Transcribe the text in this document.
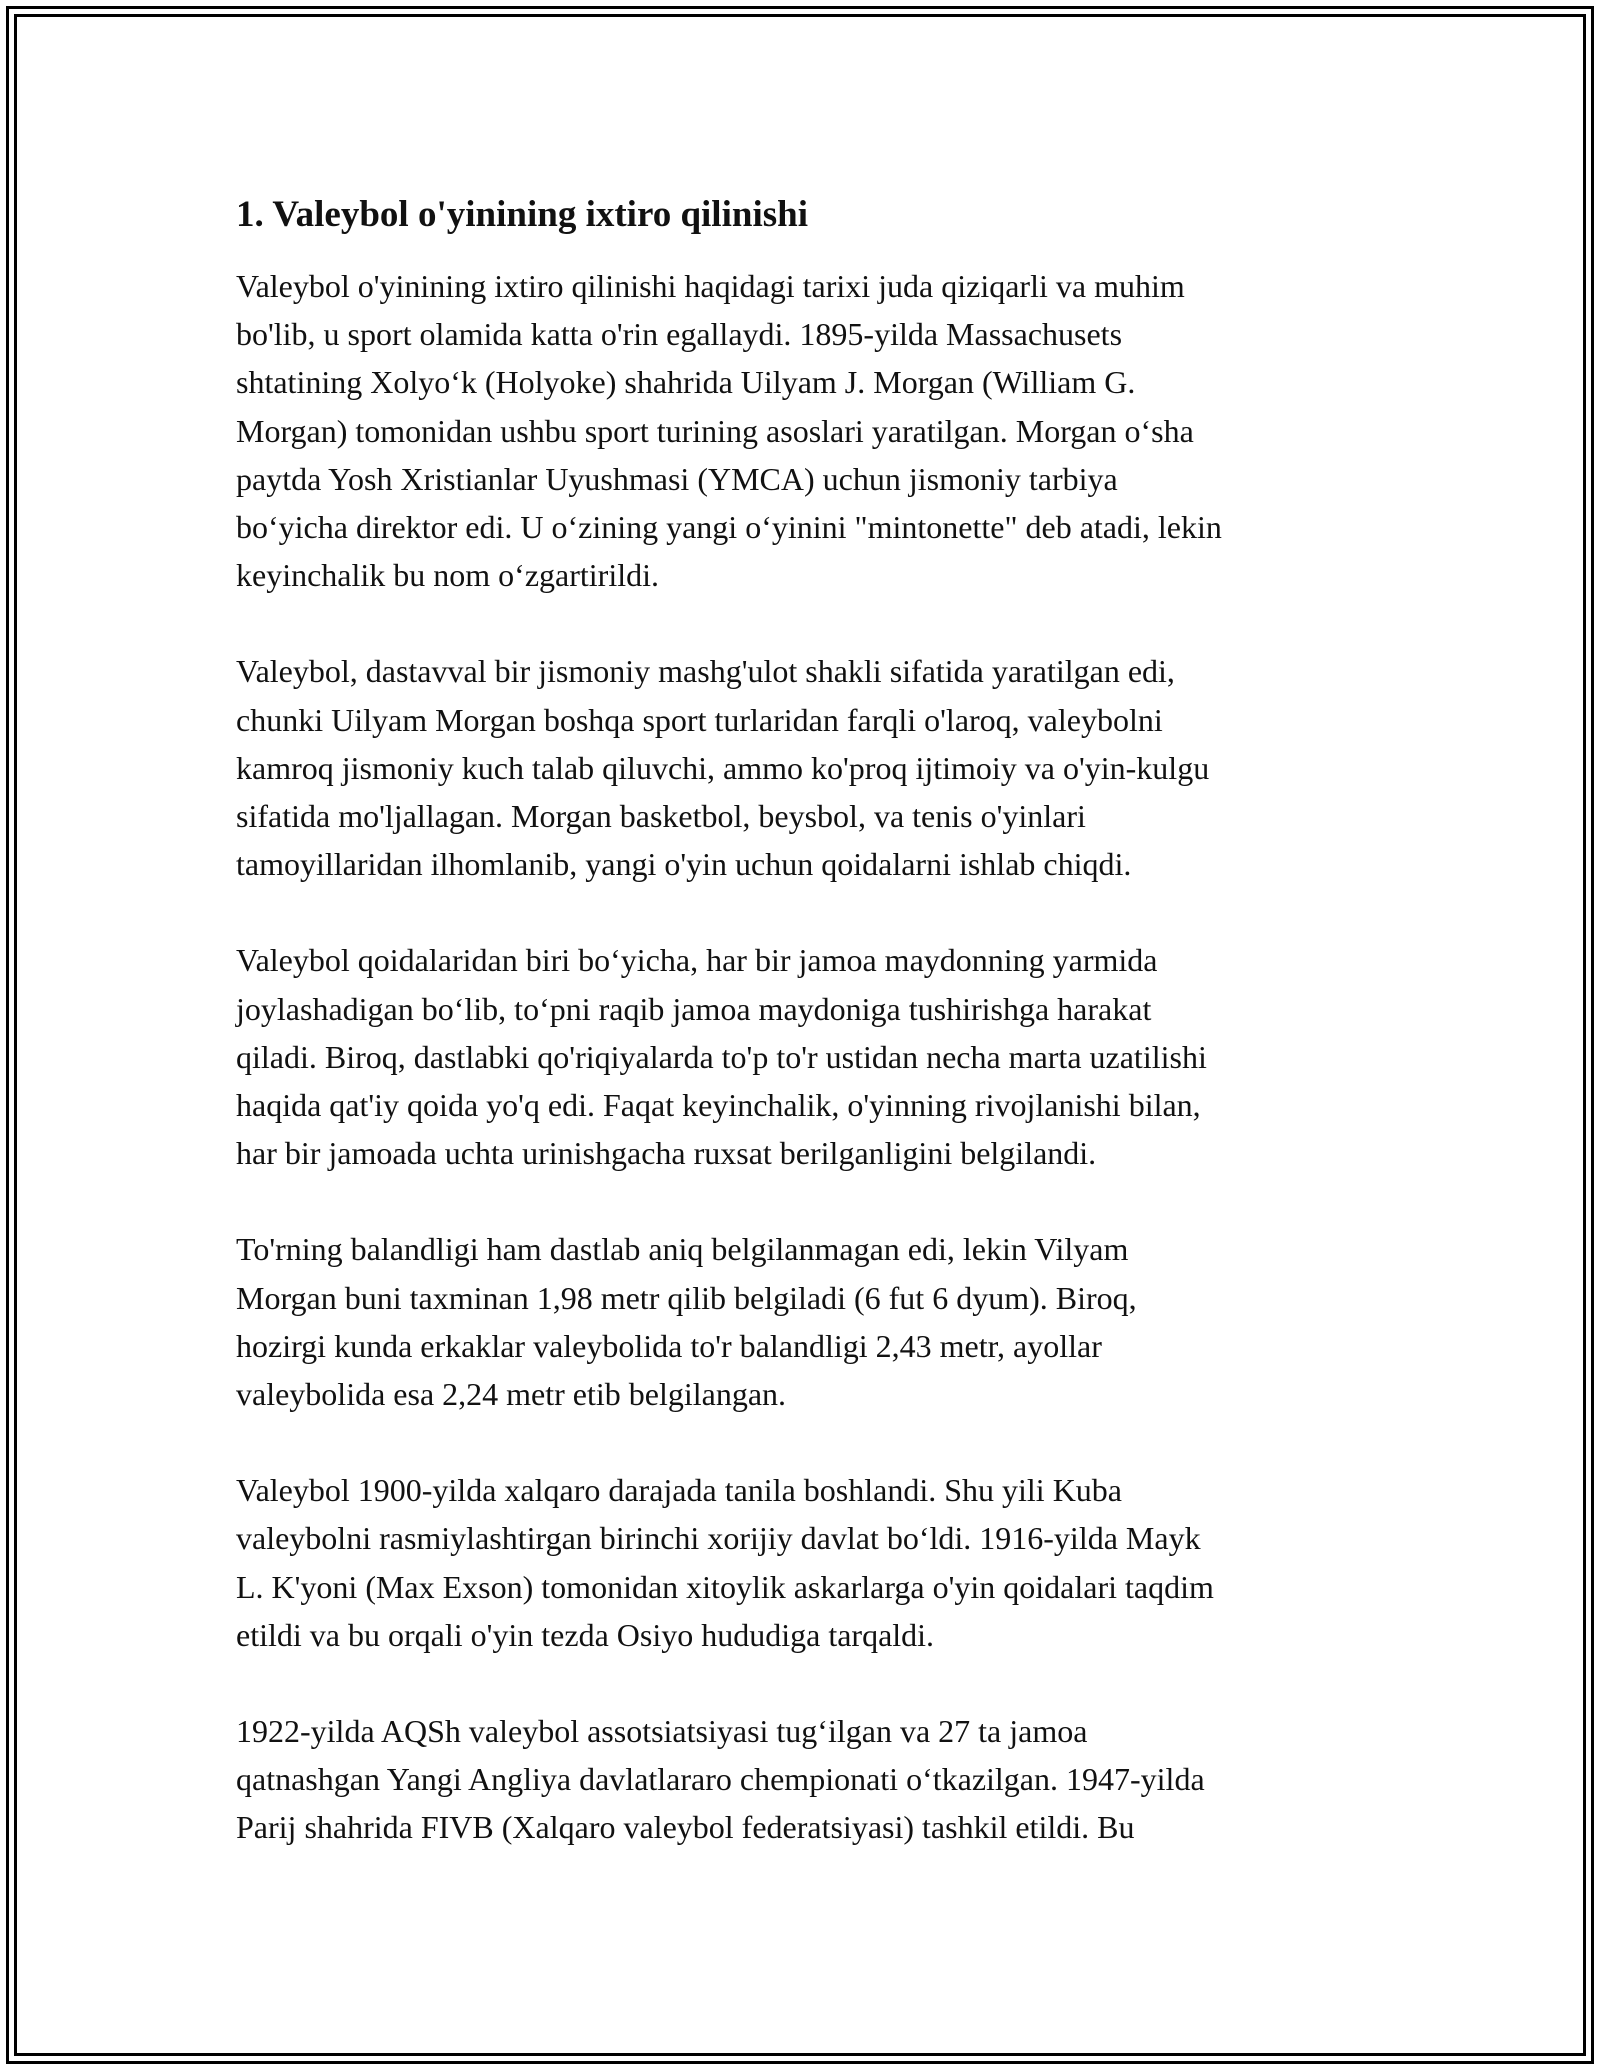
1. Valeybol o'yinining ixtiro qilinishi

Valeybol o'yinining ixtiro qilinishi haqidagi tarixi juda qiziqarli va muhim
bo'lib, u sport olamida katta o'rin egallaydi. 1895-yilda Massachusets
shtatining Xolyo‘k (Holyoke) shahrida Uilyam J. Morgan (William G.
Morgan) tomonidan ushbu sport turining asoslari yaratilgan. Morgan o‘sha
paytda Yosh Xristianlar Uyushmasi (YMCA) uchun jismoniy tarbiya
bo‘yicha direktor edi. U o‘zining yangi o‘yinini "mintonette" deb atadi, lekin
keyinchalik bu nom o‘zgartirildi.

Valeybol, dastavval bir jismoniy mashg'ulot shakli sifatida yaratilgan edi,
chunki Uilyam Morgan boshqa sport turlaridan farqli o'laroq, valeybolni
kamroq jismoniy kuch talab qiluvchi, ammo ko'proq ijtimoiy va o'yin-kulgu
sifatida mo'ljallagan. Morgan basketbol, beysbol, va tenis o'yinlari
tamoyillaridan ilhomlanib, yangi o'yin uchun qoidalarni ishlab chiqdi.

Valeybol qoidalaridan biri bo‘yicha, har bir jamoa maydonning yarmida
joylashadigan bo‘lib, to‘pni raqib jamoa maydoniga tushirishga harakat
qiladi. Biroq, dastlabki qo'riqiyalarda to'p to'r ustidan necha marta uzatilishi
haqida qat'iy qoida yo'q edi. Faqat keyinchalik, o'yinning rivojlanishi bilan,
har bir jamoada uchta urinishgacha ruxsat berilganligini belgilandi.

To'rning balandligi ham dastlab aniq belgilanmagan edi, lekin Vilyam
Morgan buni taxminan 1,98 metr qilib belgiladi (6 fut 6 dyum). Biroq,
hozirgi kunda erkaklar valeybolida to'r balandligi 2,43 metr, ayollar
valeybolida esa 2,24 metr etib belgilangan.

Valeybol 1900-yilda xalqaro darajada tanila boshlandi. Shu yili Kuba
valeybolni rasmiylashtirgan birinchi xorijiy davlat bo‘ldi. 1916-yilda Mayk
L. K'yoni (Max Exson) tomonidan xitoylik askarlarga o'yin qoidalari taqdim
etildi va bu orqali o'yin tezda Osiyo hududiga tarqaldi.

1922-yilda AQSh valeybol assotsiatsiyasi tug‘ilgan va 27 ta jamoa
qatnashgan Yangi Angliya davlatlararo chempionati o‘tkazilgan. 1947-yilda
Parij shahrida FIVB (Xalqaro valeybol federatsiyasi) tashkil etildi. Bu
